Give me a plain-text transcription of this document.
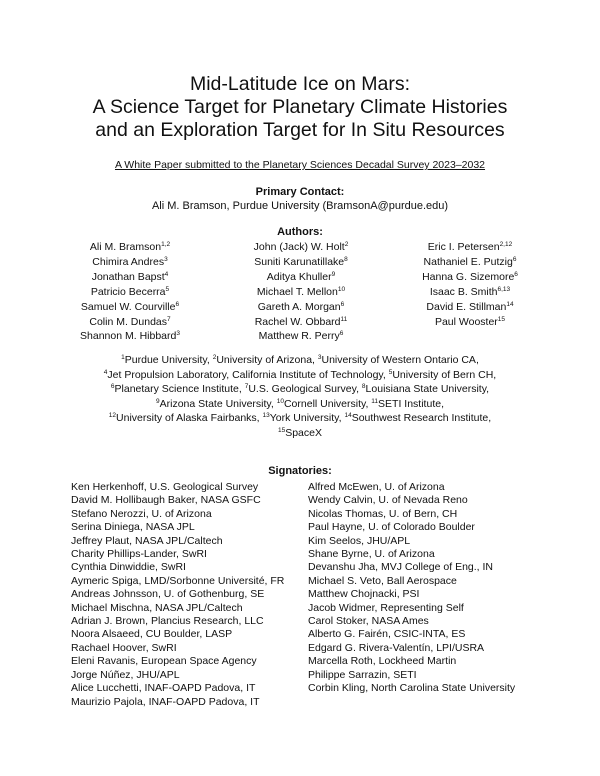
Mid-Latitude Ice on Mars:
A Science Target for Planetary Climate Histories
and an Exploration Target for In Situ Resources
A White Paper submitted to the Planetary Sciences Decadal Survey 2023–2032
Primary Contact:
Ali M. Bramson, Purdue University (BramsonA@purdue.edu)
Authors:
Ali M. Bramson$^{1,2}$
Chimira Andres$^3$
Jonathan Bapst$^4$
Patricio Becerra$^5$
Samuel W. Courville$^6$
Colin M. Dundas$^7$
Shannon M. Hibbard$^3$
John (Jack) W. Holt$^2$
Suniti Karunatillake$^8$
Aditya Khuller$^9$
Michael T. Mellon$^{10}$
Gareth A. Morgan$^6$
Rachel W. Obbard$^{11}$
Matthew R. Perry$^6$
Eric I. Petersen$^{2,12}$
Nathaniel E. Putzig$^6$
Hanna G. Sizemore$^6$
Isaac B. Smith$^{6,13}$
David E. Stillman$^{14}$
Paul Wooster$^{15}$
$^1$Purdue University, $^2$University of Arizona, $^3$University of Western Ontario CA,
$^4$Jet Propulsion Laboratory, California Institute of Technology, $^5$University of Bern CH,
$^6$Planetary Science Institute, $^7$U.S. Geological Survey, $^8$Louisiana State University,
$^9$Arizona State University, $^{10}$Cornell University, $^{11}$SETI Institute,
$^{12}$University of Alaska Fairbanks, $^{13}$York University, $^{14}$Southwest Research Institute,
$^{15}$SpaceX
Signatories:
Ken Herkenhoff, U.S. Geological Survey
David M. Hollibaugh Baker, NASA GSFC
Stefano Nerozzi, U. of Arizona
Serina Diniega, NASA JPL
Jeffrey Plaut, NASA JPL/Caltech
Charity Phillips-Lander, SwRI
Cynthia Dinwiddie, SwRI
Aymeric Spiga, LMD/Sorbonne Université, FR
Andreas Johnsson, U. of Gothenburg, SE
Michael Mischna, NASA JPL/Caltech
Adrian J. Brown, Plancius Research, LLC
Noora Alsaeed, CU Boulder, LASP
Rachael Hoover, SwRI
Eleni Ravanis, European Space Agency
Jorge Núñez, JHU/APL
Alice Lucchetti, INAF-OAPD Padova, IT
Maurizio Pajola, INAF-OAPD Padova, IT
Alfred McEwen, U. of Arizona
Wendy Calvin, U. of Nevada Reno
Nicolas Thomas, U. of Bern, CH
Paul Hayne, U. of Colorado Boulder
Kim Seelos, JHU/APL
Shane Byrne, U. of Arizona
Devanshu Jha, MVJ College of Eng., IN
Michael S. Veto, Ball Aerospace
Matthew Chojnacki, PSI
Jacob Widmer, Representing Self
Carol Stoker, NASA Ames
Alberto G. Fairén, CSIC-INTA, ES
Edgard G. Rivera-Valentín, LPI/USRA
Marcella Roth, Lockheed Martin
Philippe Sarrazin, SETI
Corbin Kling, North Carolina State University
